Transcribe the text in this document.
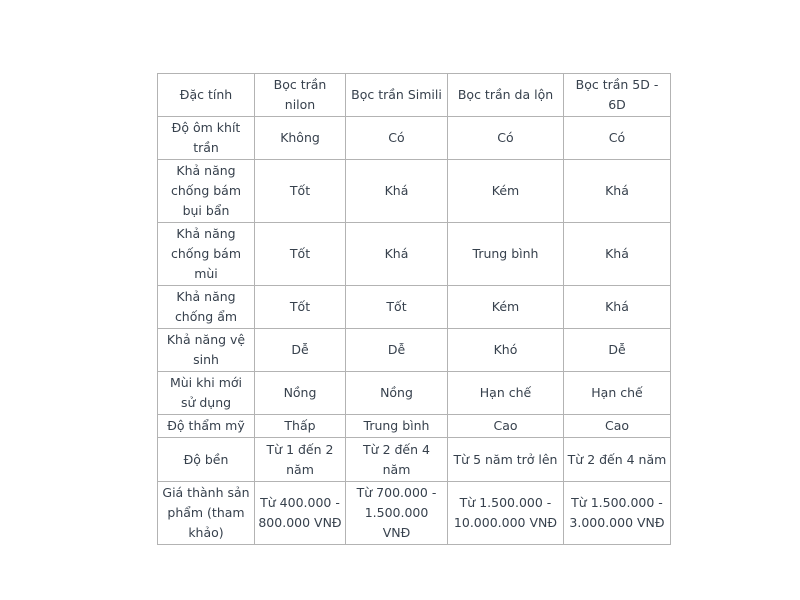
Đặc tính	Bọc trần nilon	Bọc trần Simili	Bọc trần da lộn	Bọc trần 5D - 6D
Độ ôm khít trần	Không	Có	Có	Có
Khả năng chống bám bụi bẩn	Tốt	Khá	Kém	Khá
Khả năng chống bám mùi	Tốt	Khá	Trung bình	Khá
Khả năng chống ẩm	Tốt	Tốt	Kém	Khá
Khả năng vệ sinh	Dễ	Dễ	Khó	Dễ
Mùi khi mới sử dụng	Nồng	Nồng	Hạn chế	Hạn chế
Độ thẩm mỹ	Thấp	Trung bình	Cao	Cao
Độ bền	Từ 1 đến 2 năm	Từ 2 đến 4 năm	Từ 5 năm trở lên	Từ 2 đến 4 năm
Giá thành sản phẩm (tham khảo)	Từ 400.000 - 800.000 VNĐ	Từ 700.000 - 1.500.000 VNĐ	Từ 1.500.000 - 10.000.000 VNĐ	Từ 1.500.000 - 3.000.000 VNĐ
